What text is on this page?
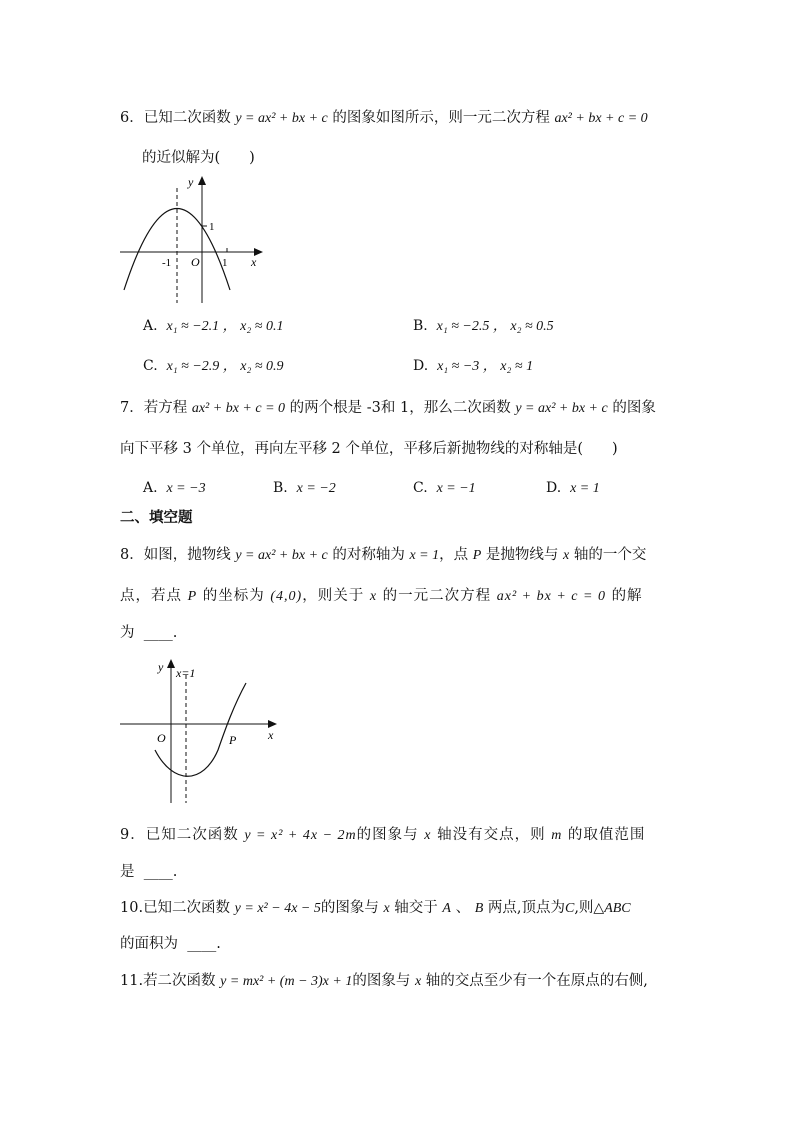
6．已知二次函数 y = ax² + bx + c 的图象如图所示，则一元二次方程 ax² + bx + c = 0
的近似解为(　　)
y
x
O
-1	1
1
A. x₁ ≈ −2.1 ， x₂ ≈ 0.1	B. x₁ ≈ −2.5 ， x₂ ≈ 0.5
C. x₁ ≈ −2.9 ， x₂ ≈ 0.9	D. x₁ ≈ −3 ， x₂ ≈ 1
7．若方程 ax² + bx + c = 0 的两个根是 -3和 1，那么二次函数 y = ax² + bx + c 的图象
向下平移 3 个单位，再向左平移 2 个单位，平移后新抛物线的对称轴是(　　)
A. x = −3	B. x = −2	C. x = −1	D. x = 1
二、填空题
8．如图，抛物线 y = ax² + bx + c 的对称轴为 x = 1，点 P 是抛物线与 x 轴的一个交
点，若点 P 的坐标为 (4,0)，则关于 x 的一元二次方程 ax² + bx + c = 0 的解
为 ____.
y x=1
x
O	P
9．已知二次函数 y = x² + 4x − 2m的图象与 x 轴没有交点，则 m 的取值范围
是 ____.
10.已知二次函数 y = x² − 4x − 5的图象与 x 轴交于 A 、 B 两点,顶点为C,则△ABC
的面积为 ____.
11.若二次函数 y = mx² + (m − 3)x + 1的图象与 x 轴的交点至少有一个在原点的右侧,
